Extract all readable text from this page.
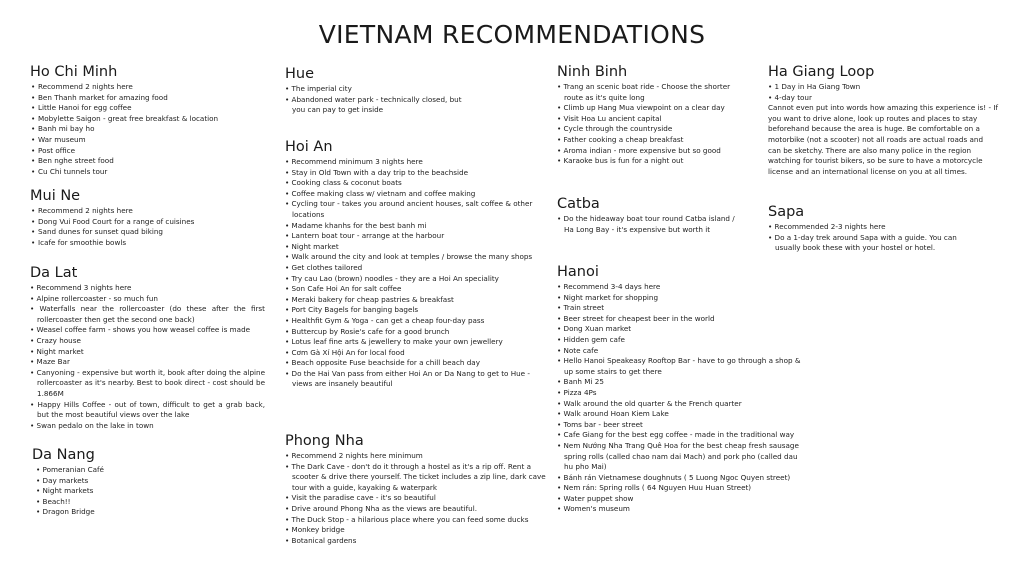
VIETNAM RECOMMENDATIONS
Ho Chi Minh
• Recommend 2 nights here
• Ben Thanh market for amazing food
• Little Hanoi for egg coffee
• Mobylette Saigon - great free breakfast & location
• Banh mi bay ho
• War museum
• Post office
• Ben nghe street food
• Cu Chi tunnels tour
Mui Ne
• Recommend 2 nights here
• Dong Vui Food Court for a range of cuisines
• Sand dunes for sunset quad biking
• Icafe for smoothie bowls
Da Lat
• Recommend 3 nights here
• Alpine rollercoaster - so much fun
• Waterfalls near the rollercoaster (do these after the first rollercoaster then get the second one back)
• Weasel coffee farm - shows you how weasel coffee is made
• Crazy house
• Night market
• Maze Bar
• Canyoning - expensive but worth it, book after doing the alpine rollercoaster as it's nearby. Best to book direct - cost should be 1.866M
• Happy Hills Coffee - out of town, difficult to get a grab back, but the most beautiful views over the lake
• Swan pedalo on the lake in town
Da Nang
• Pomeranian Café
• Day markets
• Night markets
• Beach!!
• Dragon Bridge
Hue
• The imperial city
• Abandoned water park - technically closed, but you can pay to get inside
Hoi An
• Recommend minimum 3 nights here
• Stay in Old Town with a day trip to the beachside
• Cooking class & coconut boats
• Coffee making class w/ vietnam and coffee making
• Cycling tour - takes you around ancient houses, salt coffee & other locations
• Madame khanhs for the best banh mi
• Lantern boat tour - arrange at the harbour
• Night market
• Walk around the city and look at temples / browse the many shops
• Get clothes tailored
• Try cau Lao (brown) noodles - they are a Hoi An speciality
• Son Cafe Hoi An for salt coffee
• Meraki bakery for cheap pastries & breakfast
• Port City Bagels for banging bagels
• Healthfit Gym & Yoga - can get a cheap four-day pass
• Buttercup by Rosie's cafe for a good brunch
• Lotus leaf fine arts & jewellery to make your own jewellery
• Cơm Gà Xí Hội An for local food
• Beach opposite Fuse beachside for a chill beach day
• Do the Hai Van pass from either Hoi An or Da Nang to get to Hue - views are insanely beautiful
Phong Nha
• Recommend 2 nights here minimum
• The Dark Cave - don't do it through a hostel as it's a rip off. Rent a scooter & drive there yourself. The ticket includes a zip line, dark cave tour with a guide, kayaking & waterpark
• Visit the paradise cave - it's so beautiful
• Drive around Phong Nha as the views are beautiful.
• The Duck Stop - a hilarious place where you can feed some ducks
• Monkey bridge
• Botanical gardens
Ninh Binh
• Trang an scenic boat ride - Choose the shorter route as it's quite long
• Climb up Hang Mua viewpoint on a clear day
• Visit Hoa Lu ancient capital
• Cycle through the countryside
• Father cooking a cheap breakfast
• Aroma indian - more expensive but so good
• Karaoke bus is fun for a night out
Catba
• Do the hideaway boat tour round Catba island / Ha Long Bay - it's expensive but worth it
Hanoi
• Recommend 3-4 days here
• Night market for shopping
• Train street
• Beer street for cheapest beer in the world
• Dong Xuan market
• Hidden gem cafe
• Note cafe
• Hello Hanoi Speakeasy Rooftop Bar - have to go through a shop & up some stairs to get there
• Banh Mi 25
• Pizza 4Ps
• Walk around the old quarter & the French quarter
• Walk around Hoan Kiem Lake
• Toms bar - beer street
• Cafe Giang for the best egg coffee - made in the traditional way
• Nem Nướng Nha Trang Quê Hoa for the best cheap fresh sausage spring rolls (called chao nam dai Mach) and pork pho (called dau hu pho Mai)
• Bánh rán Vietnamese doughnuts ( 5 Luong Ngoc Quyen street)
• Nem rán: Spring rolls ( 64 Nguyen Huu Huan Street)
• Water puppet show
• Women's museum
Ha Giang Loop
• 1 Day in Ha Giang Town
• 4-day tour

Cannot even put into words how amazing this experience is! - If you want to drive alone, look up routes and places to stay beforehand because the area is huge. Be comfortable on a motorbike (not a scooter) not all roads are actual roads and can be sketchy. There are also many police in the region watching for tourist bikers, so be sure to have a motorcycle license and an international license on you at all times.

Sapa
• Recommended 2-3 nights here
• Do a 1-day trek around Sapa with a guide. You can usually book these with your hostel or hotel.
